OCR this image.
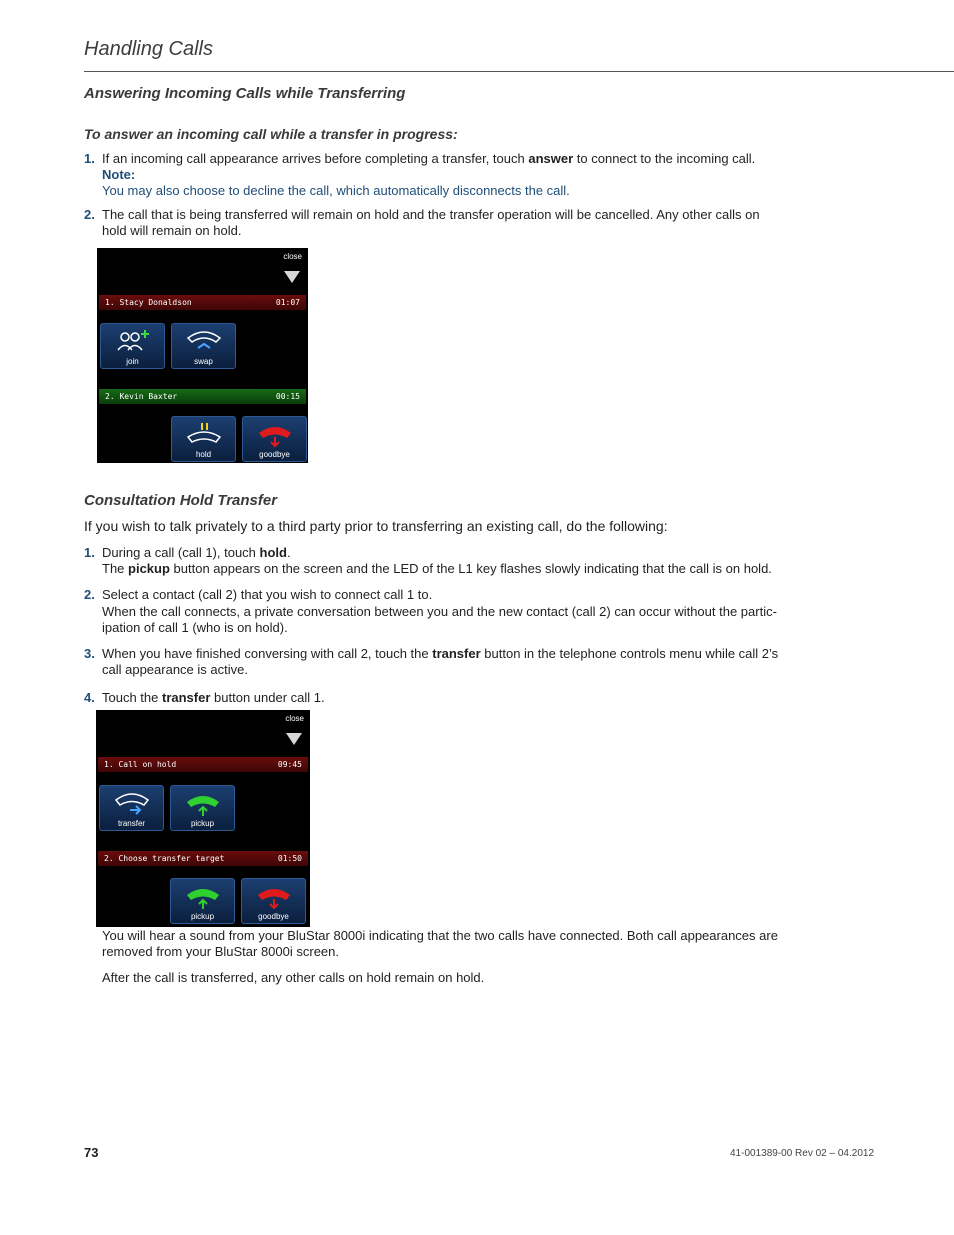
Handling Calls
Answering Incoming Calls while Transferring
To answer an incoming call while a transfer in progress:
1. If an incoming call appearance arrives before completing a transfer, touch answer to connect to the incoming call.
Note:
You may also choose to decline the call, which automatically disconnects the call.
2. The call that is being transferred will remain on hold and the transfer operation will be cancelled. Any other calls on hold will remain on hold.
close
1. Stacy Donaldson	01:07
join	swap
2. Kevin Baxter	00:15
hold	goodbye
Consultation Hold Transfer
If you wish to talk privately to a third party prior to transferring an existing call, do the following:
1. During a call (call 1), touch hold.
The pickup button appears on the screen and the LED of the L1 key flashes slowly indicating that the call is on hold.
2. Select a contact (call 2) that you wish to connect call 1 to.
When the call connects, a private conversation between you and the new contact (call 2) can occur without the partic-ipation of call 1 (who is on hold).
3. When you have finished conversing with call 2, touch the transfer button in the telephone controls menu while call 2’s call appearance is active.
4. Touch the transfer button under call 1.
close
1. Call on hold	09:45
transfer	pickup
2. Choose transfer target	01:50
pickup	goodbye
You will hear a sound from your BluStar 8000i indicating that the two calls have connected. Both call appearances are removed from your BluStar 8000i screen.
After the call is transferred, any other calls on hold remain on hold.
73	41-001389-00 Rev 02 – 04.2012
